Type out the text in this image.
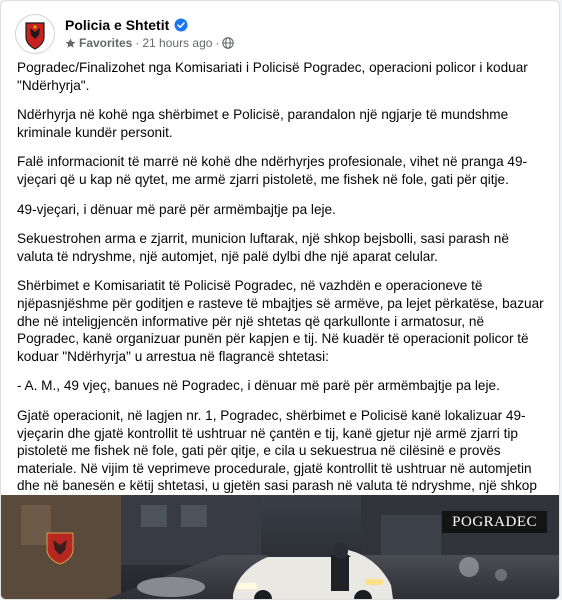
Policia e Shtetit
Favorites · 21 hours ago ·

Pogradec/Finalizohet nga Komisariati i Policisë Pogradec, operacioni policor i koduar "Ndërhyrja".

Ndërhyrja në kohë nga shërbimet e Policisë, parandalon një ngjarje të mundshme kriminale kundër personit.

Falë informacionit të marrë në kohë dhe ndërhyrjes profesionale, vihet në pranga 49-vjeçari që u kap në qytet, me armë zjarri pistoletë, me fishek në fole, gati për qitje.

49-vjeçari, i dënuar më parë për armëmbajtje pa leje.

Sekuestrohen arma e zjarrit, municion luftarak, një shkop bejsbolli, sasi parash në valuta të ndryshme, një automjet, një palë dylbi dhe një aparat celular.

Shërbimet e Komisariatit të Policisë Pogradec, në vazhdën e operacioneve të njëpasnjëshme për goditjen e rasteve të mbajtjes së armëve, pa lejet përkatëse, bazuar dhe në inteligjencën informative për një shtetas që qarkullonte i armatosur, në Pogradec, kanë organizuar punën për kapjen e tij. Në kuadër të operacionit policor të koduar "Ndërhyrja" u arrestua në flagrancë shtetasi:

- A. M., 49 vjeç, banues në Pogradec, i dënuar më parë për armëmbajtje pa leje.

Gjatë operacionit, në lagjen nr. 1, Pogradec, shërbimet e Policisë kanë lokalizuar 49-vjeçarin dhe gjatë kontrollit të ushtruar në çantën e tij, kanë gjetur një armë zjarri tip pistoletë me fishek në fole, gati për qitje, e cila u sekuestrua në cilësinë e provës materiale. Në vijim të veprimeve procedurale, gjatë kontrollit të ushtruar në automjetin dhe në banesën e këtij shtetasi, u gjetën sasi parash në valuta të ndryshme, një shkop

POGRADEC
